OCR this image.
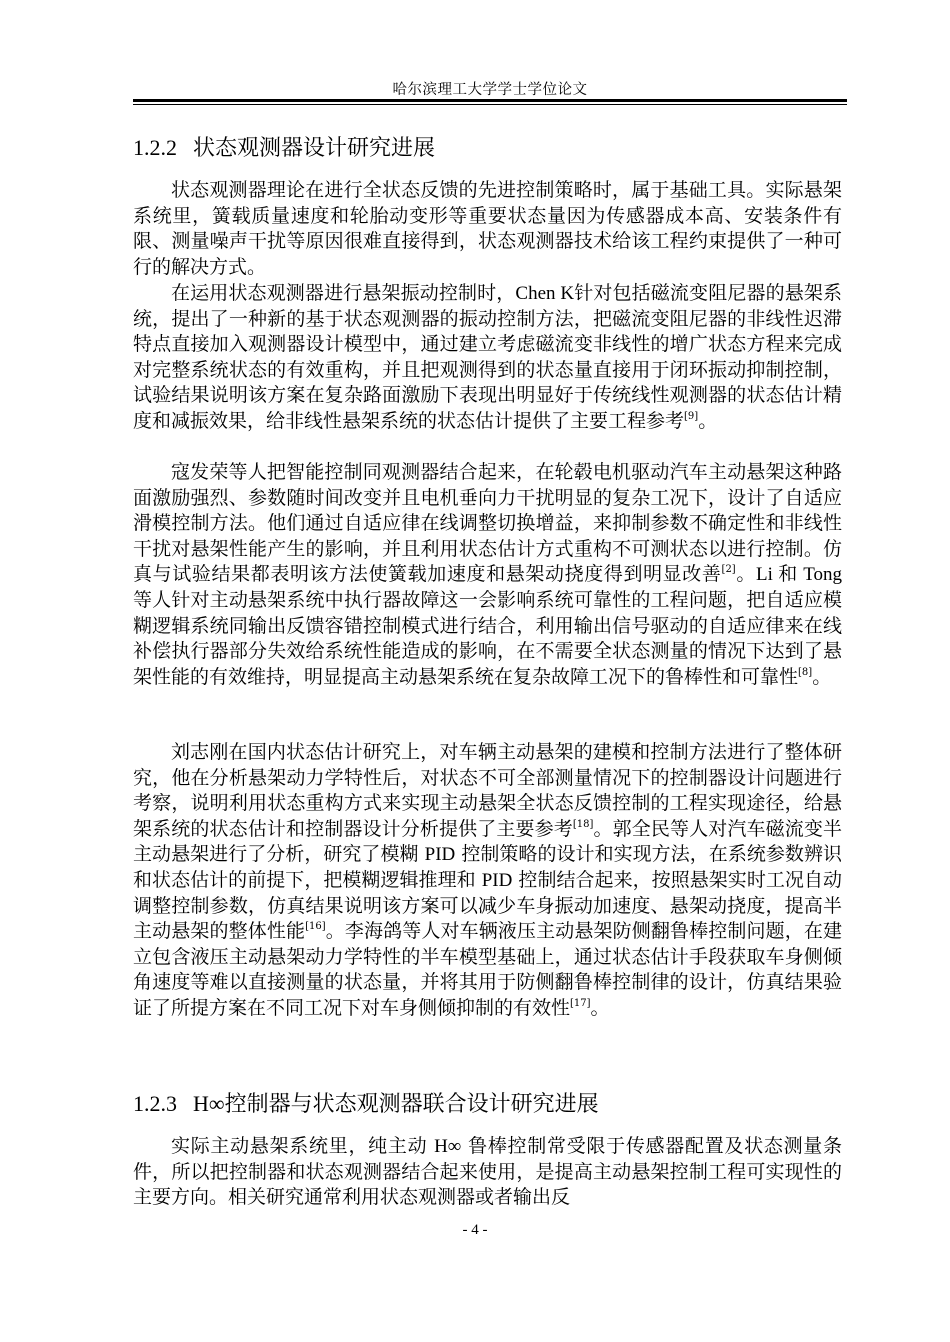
哈尔滨理工大学学士学位论文
1.2.2 状态观测器设计研究进展

状态观测器理论在进行全状态反馈的先进控制策略时，属于基础工具。实际悬架系统里，簧载质量速度和轮胎动变形等重要状态量因为传感器成本高、安装条件有限、测量噪声干扰等原因很难直接得到，状态观测器技术给该工程约束提供了一种可行的解决方式。

在运用状态观测器进行悬架振动控制时，Chen K针对包括磁流变阻尼器的悬架系统，提出了一种新的基于状态观测器的振动控制方法，把磁流变阻尼器的非线性迟滞特点直接加入观测器设计模型中，通过建立考虑磁流变非线性的增广状态方程来完成对完整系统状态的有效重构，并且把观测得到的状态量直接用于闭环振动抑制控制，试验结果说明该方案在复杂路面激励下表现出明显好于传统线性观测器的状态估计精度和减振效果，给非线性悬架系统的状态估计提供了主要工程参考[9]。

寇发荣等人把智能控制同观测器结合起来，在轮毂电机驱动汽车主动悬架这种路面激励强烈、参数随时间改变并且电机垂向力干扰明显的复杂工况下，设计了自适应滑模控制方法。他们通过自适应律在线调整切换增益，来抑制参数不确定性和非线性干扰对悬架性能产生的影响，并且利用状态估计方式重构不可测状态以进行控制。仿真与试验结果都表明该方法使簧载加速度和悬架动挠度得到明显改善[2]。Li 和 Tong 等人针对主动悬架系统中执行器故障这一会影响系统可靠性的工程问题，把自适应模糊逻辑系统同输出反馈容错控制模式进行结合，利用输出信号驱动的自适应律来在线补偿执行器部分失效给系统性能造成的影响，在不需要全状态测量的情况下达到了悬架性能的有效维持，明显提高主动悬架系统在复杂故障工况下的鲁棒性和可靠性[8]。

刘志刚在国内状态估计研究上，对车辆主动悬架的建模和控制方法进行了整体研究，他在分析悬架动力学特性后，对状态不可全部测量情况下的控制器设计问题进行考察，说明利用状态重构方式来实现主动悬架全状态反馈控制的工程实现途径，给悬架系统的状态估计和控制器设计分析提供了主要参考[18]。郭全民等人对汽车磁流变半主动悬架进行了分析，研究了模糊 PID 控制策略的设计和实现方法，在系统参数辨识和状态估计的前提下，把模糊逻辑推理和 PID 控制结合起来，按照悬架实时工况自动调整控制参数，仿真结果说明该方案可以减少车身振动加速度、悬架动挠度，提高半主动悬架的整体性能[16]。李海鸽等人对车辆液压主动悬架防侧翻鲁棒控制问题，在建立包含液压主动悬架动力学特性的半车模型基础上，通过状态估计手段获取车身侧倾角速度等难以直接测量的状态量，并将其用于防侧翻鲁棒控制律的设计，仿真结果验证了所提方案在不同工况下对车身侧倾抑制的有效性[17]。

1.2.3 H∞控制器与状态观测器联合设计研究进展

实际主动悬架系统里，纯主动 H∞ 鲁棒控制常受限于传感器配置及状态测量条件，所以把控制器和状态观测器结合起来使用，是提高主动悬架控制工程可实现性的主要方向。相关研究通常利用状态观测器或者输出反

- 4 -
